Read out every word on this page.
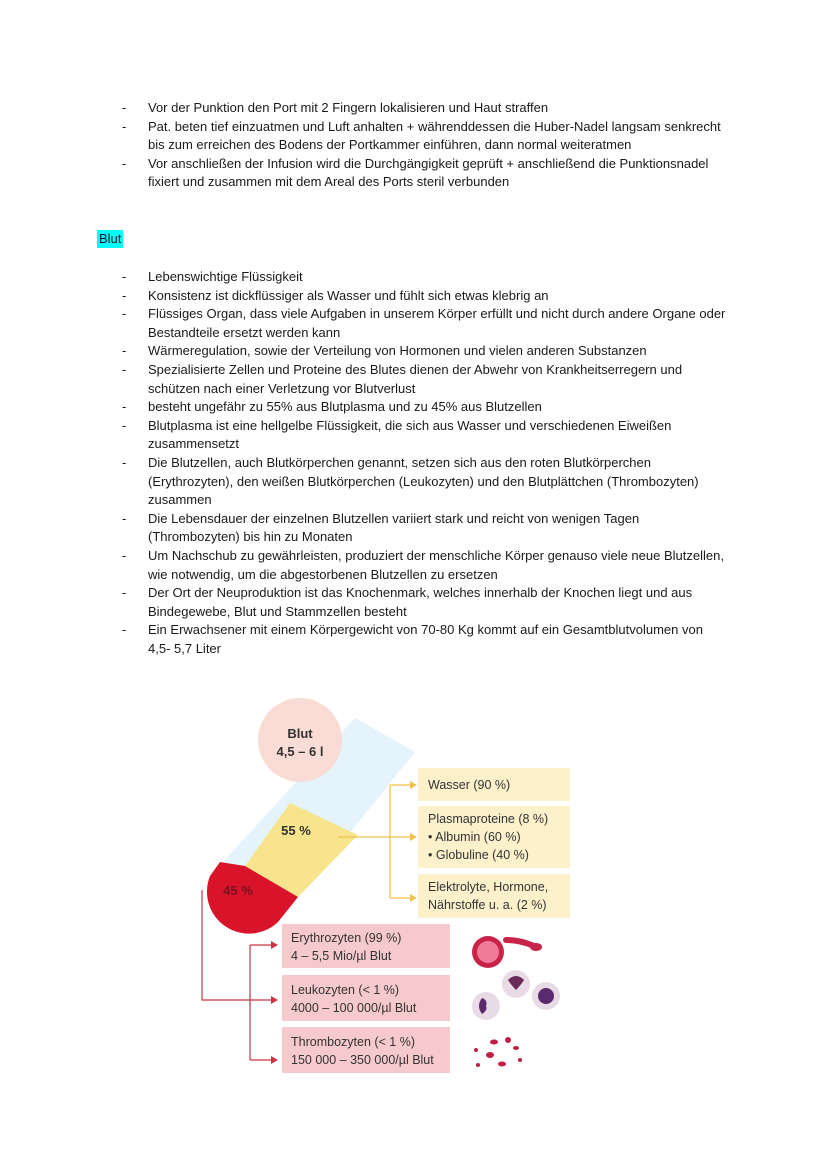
- Vor der Punktion den Port mit 2 Fingern lokalisieren und Haut straffen
- Pat. beten tief einzuatmen und Luft anhalten + währenddessen die Huber-Nadel langsam senkrecht bis zum erreichen des Bodens der Portkammer einführen, dann normal weiteratmen
- Vor anschließen der Infusion wird die Durchgängigkeit geprüft + anschließend die Punktionsnadel fixiert und zusammen mit dem Areal des Ports steril verbunden
Blut
- Lebenswichtige Flüssigkeit
- Konsistenz ist dickflüssiger als Wasser und fühlt sich etwas klebrig an
- Flüssiges Organ, dass viele Aufgaben in unserem Körper erfüllt und nicht durch andere Organe oder Bestandteile ersetzt werden kann
- Wärmeregulation, sowie der Verteilung von Hormonen und vielen anderen Substanzen
- Spezialisierte Zellen und Proteine des Blutes dienen der Abwehr von Krankheitserregern und schützen nach einer Verletzung vor Blutverlust
- besteht ungefähr zu 55% aus Blutplasma und zu 45% aus Blutzellen
- Blutplasma ist eine hellgelbe Flüssigkeit, die sich aus Wasser und verschiedenen Eiweißen zusammensetzt
- Die Blutzellen, auch Blutkörperchen genannt, setzen sich aus den roten Blutkörperchen (Erythrozyten), den weißen Blutkörperchen (Leukozyten) und den Blutplättchen (Thrombozyten) zusammen
- Die Lebensdauer der einzelnen Blutzellen variiert stark und reicht von wenigen Tagen (Thrombozyten) bis hin zu Monaten
- Um Nachschub zu gewährleisten, produziert der menschliche Körper genauso viele neue Blutzellen, wie notwendig, um die abgestorbenen Blutzellen zu ersetzen
- Der Ort der Neuproduktion ist das Knochenmark, welches innerhalb der Knochen liegt und aus Bindegewebe, Blut und Stammzellen besteht
- Ein Erwachsener mit einem Körpergewicht von 70-80 Kg kommt auf ein Gesamtblutvolumen von 4,5- 5,7 Liter
Blut
4,5 – 6 l
55 %
45 %
Wasser (90 %)
Plasmaproteine (8 %)
• Albumin (60 %)
• Globuline (40 %)
Elektrolyte, Hormone,
Nährstoffe u. a. (2 %)
Erythrozyten (99 %)
4 – 5,5 Mio/µl Blut
Leukozyten (< 1 %)
4000 – 100 000/µl Blut
Thrombozyten (< 1 %)
150 000 – 350 000/µl Blut
